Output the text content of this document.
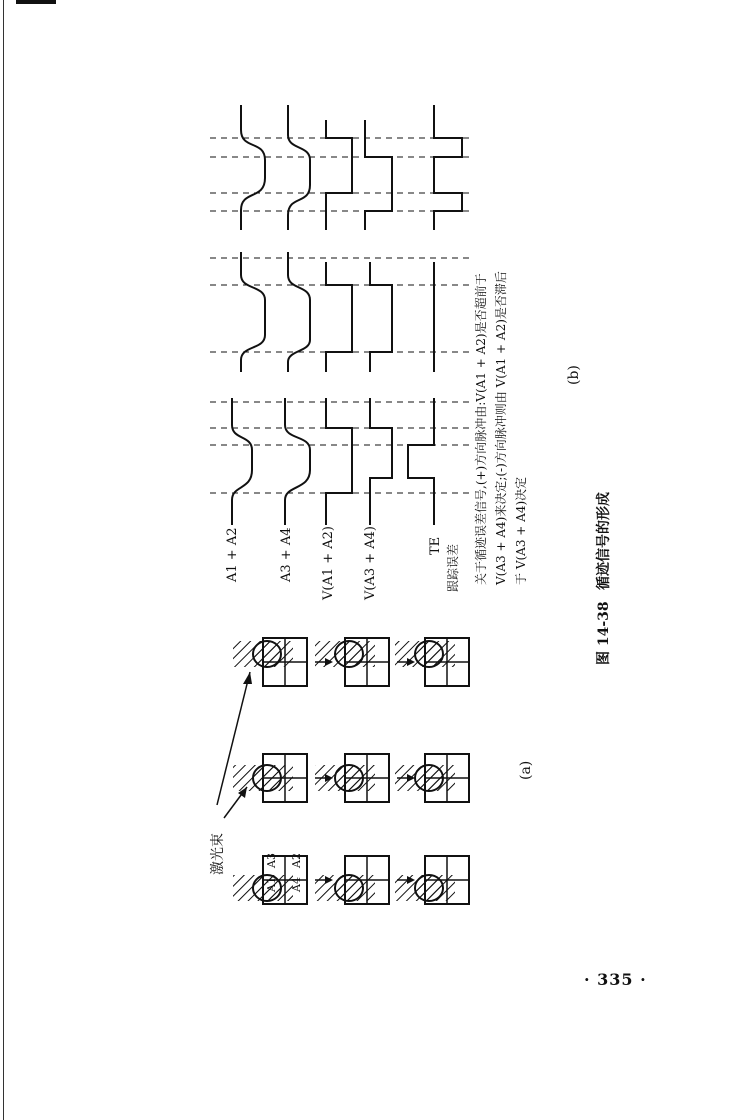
激光束
(a)
A1 + A2	A3 + A4 V(A1 + A2) V(A3 + A4)	TE 跟踪误差 关于循迹误差信号,(+)方向脉冲由:V(A1 + A2)是否超前于 V(A3 + A4)来决定;(-)方向脉冲则由 V(A1 + A2)是否滞后 于 V(A3 + A4)决定
(b)
图 14-38
循迹信号的形成
A1
A2
A3
A4
· 335 ·
